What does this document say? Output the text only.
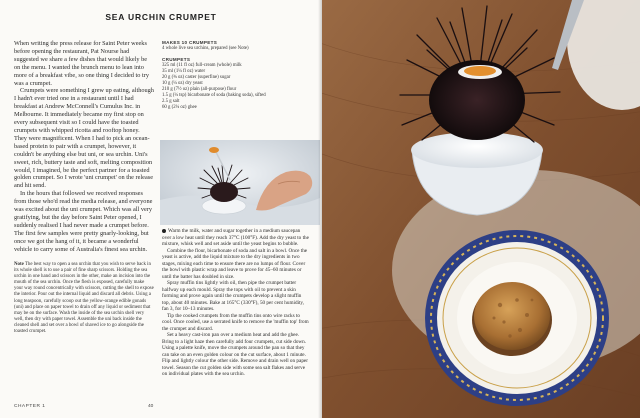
SEA URCHIN CRUMPET

When writing the press release for Saint Peter weeks before opening the restaurant, Pat Nourse had suggested we share a few dishes that would likely be on the menu. I wanted the brunch menu to lean into more of a breakfast vibe, so one thing I decided to try was a crumpet.

Crumpets were something I grew up eating, although I hadn't ever tried one in a restaurant until I had breakfast at Andrew McConnell's Cumulus Inc. in Melbourne. It immediately became my first stop on every subsequent visit so I could have the toasted crumpets with whipped ricotta and rooftop honey. They were magnificent. When I had to pick an ocean-based protein to pair with a crumpet, however, it couldn't be anything else but uni, or sea urchin. Uni's sweet, rich, buttery taste and soft, melting composition would, I imagined, be the perfect partner for a toasted golden crumpet. So I wrote 'uni crumpet' on the release and hit send.

In the hours that followed we received responses from those who'd read the media release, and everyone was excited about the uni crumpet. Which was all very gratifying, but the day before Saint Peter opened, I suddenly realised I had never made a crumpet before. The first few samples were pretty gnarly-looking, but once we got the hang of it, it became a wonderful vehicle to carry some of Australia's finest sea urchin.

Note The best way to open a sea urchin that you wish to serve back in its whole shell is to use a pair of fine sharp scissors. Holding the sea urchin in one hand and scissors in the other, make an incision into the mouth of the sea urchin. Once the flesh is exposed, carefully make your way round concentrically with scissors, cutting the shell to expose the interior. Pour out the internal liquid and discard all debris. Using a long teaspoon, carefully scoop out the yellow-orange edible gonads (uni) and place on paper towel to drain off any liquid or sediment that may be on the surface. Wash the inside of the sea urchin shell very well, then dry with paper towel. Assemble the uni back inside the cleaned shell and set over a bowl of shaved ice to go alongside the toasted crumpet.
MAKES 10 CRUMPETS
4 whole live sea urchins, prepared (see Note)
CRUMPETS
325 ml (11 fl oz) full-cream (whole) milk
35 ml (1¼ fl oz) water
20 g (¾ oz) caster (superfine) sugar
10 g (¼ oz) dry yeast
210 g (7½ oz) plain (all-purpose) flour
1.5 g (¼ tsp) bicarbonate of soda (baking soda), sifted
2.5 g salt
60 g (2¼ oz) ghee

Warm the milk, water and sugar together in a medium saucepan over a low heat until they reach 37°C (100°F). Add the dry yeast to the mixture, whisk well and set aside until the yeast begins to bubble.

Combine the flour, bicarbonate of soda and salt in a bowl. Once the yeast is active, add the liquid mixture to the dry ingredients in two stages, mixing each time to ensure there are no lumps of flour. Cover the bowl with plastic wrap and leave to prove for 45–60 minutes or until the batter has doubled in size.

Spray muffin tins lightly with oil, then pipe the crumpet batter halfway up each mould. Spray the tops with oil to prevent a skin forming and prove again until the crumpets develop a slight muffin top, about 40 minutes. Bake at 165°C (330°F), 50 per cent humidity, fan 3, for 10–13 minutes.

Tip the cooked crumpets from the muffin tins onto wire racks to cool. Once cooled, use a serrated knife to remove the 'muffin top' from the crumpet and discard.

Set a heavy cast-iron pan over a medium heat and add the ghee. Bring to a light haze then carefully add four crumpets, cut side down. Using a palette knife, move the crumpets around the pan so that they can take on an even golden colour on the cut surface, about 1 minute. Flip and lightly colour the other side. Remove and drain well on paper towel. Season the cut golden side with some sea salt flakes and serve on individual plates with the sea urchin.

CHAPTER 1	40
